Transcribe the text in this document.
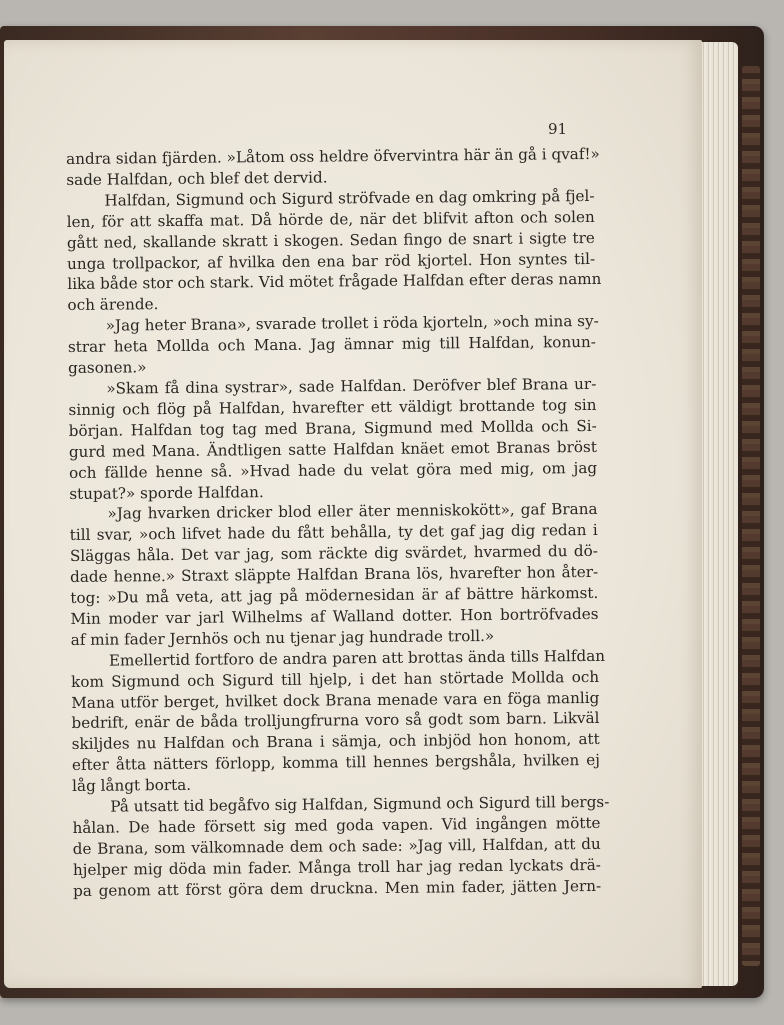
91
andra sidan fjärden. »Låtom oss heldre öfvervintra här än gå i qvaf!»
sade Halfdan, och blef det dervid.
Halfdan, Sigmund och Sigurd ströfvade en dag omkring på fjel-
len, för att skaffa mat. Då hörde de, när det blifvit afton och solen
gått ned, skallande skratt i skogen. Sedan fingo de snart i sigte tre
unga trollpackor, af hvilka den ena bar röd kjortel. Hon syntes til-
lika både stor och stark. Vid mötet frågade Halfdan efter deras namn
och ärende.
»Jag heter Brana», svarade trollet i röda kjorteln, »och mina sy-
strar heta Mollda och Mana. Jag ämnar mig till Halfdan, konun-
gasonen.»
»Skam få dina systrar», sade Halfdan. Deröfver blef Brana ur-
sinnig och flög på Halfdan, hvarefter ett väldigt brottande tog sin
början. Halfdan tog tag med Brana, Sigmund med Mollda och Si-
gurd med Mana. Ändtligen satte Halfdan knäet emot Branas bröst
och fällde henne så. »Hvad hade du velat göra med mig, om jag
stupat?» sporde Halfdan.
»Jag hvarken dricker blod eller äter menniskokött», gaf Brana
till svar, »och lifvet hade du fått behålla, ty det gaf jag dig redan i
Släggas håla. Det var jag, som räckte dig svärdet, hvarmed du dö-
dade henne.» Straxt släppte Halfdan Brana lös, hvarefter hon åter-
tog: »Du må veta, att jag på mödernesidan är af bättre härkomst.
Min moder var jarl Wilhelms af Walland dotter. Hon bortröfvades
af min fader Jernhös och nu tjenar jag hundrade troll.»
Emellertid fortforo de andra paren att brottas ända tills Halfdan
kom Sigmund och Sigurd till hjelp, i det han störtade Mollda och
Mana utför berget, hvilket dock Brana menade vara en föga manlig
bedrift, enär de båda trolljungfrurna voro så godt som barn. Likväl
skiljdes nu Halfdan och Brana i sämja, och inbjöd hon honom, att
efter åtta nätters förlopp, komma till hennes bergshåla, hvilken ej
låg långt borta.
På utsatt tid begåfvo sig Halfdan, Sigmund och Sigurd till bergs-
hålan. De hade försett sig med goda vapen. Vid ingången mötte
de Brana, som välkomnade dem och sade: »Jag vill, Halfdan, att du
hjelper mig döda min fader. Många troll har jag redan lyckats drä-
pa genom att först göra dem druckna. Men min fader, jätten Jern-
